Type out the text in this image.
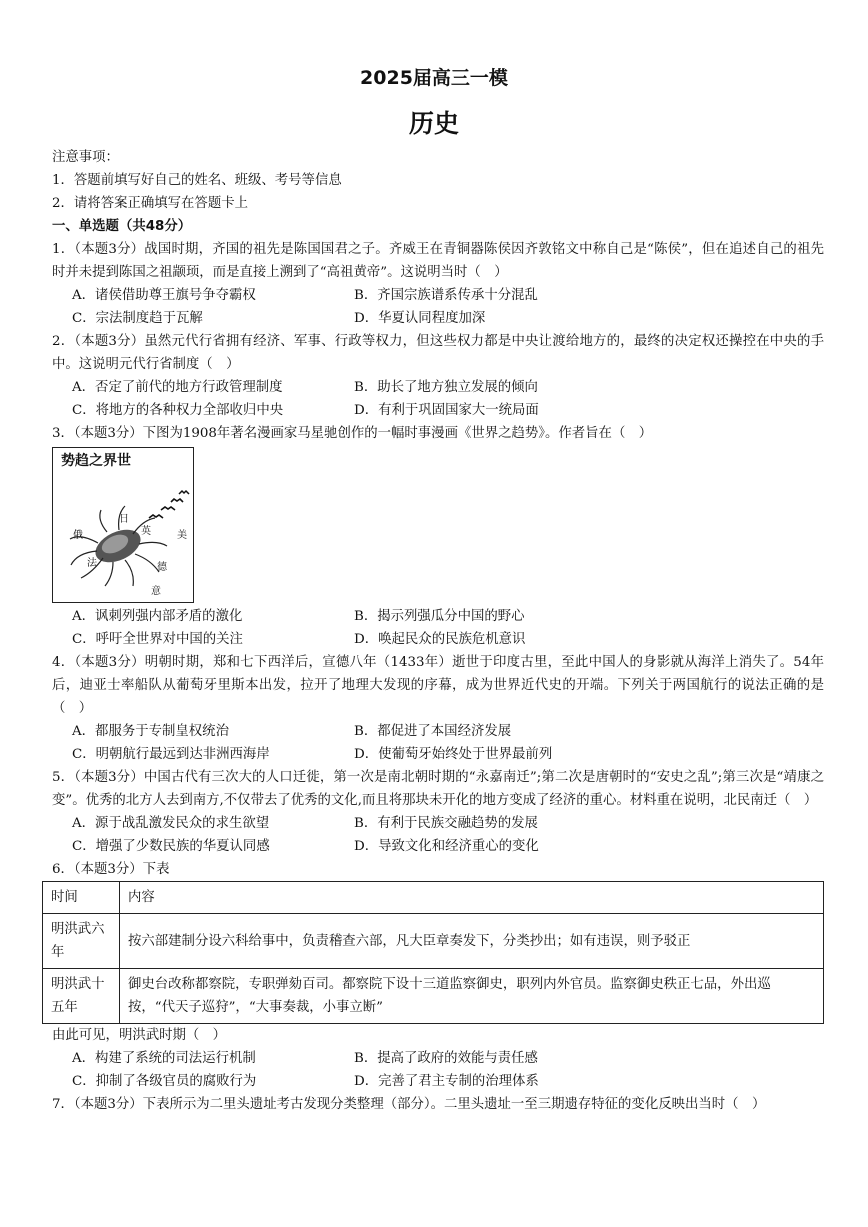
2025届高三一模
历史

注意事项：

1．答题前填写好自己的姓名、班级、考号等信息

2．请将答案正确填写在答题卡上

一、单选题（共48分）

1．（本题3分）战国时期，齐国的祖先是陈国国君之子。齐威王在青铜器陈侯因齐敦铭文中称自己是“陈侯”，但在追述自己的祖先时并未提到陈国之祖颛顼，而是直接上溯到了“高祖黄帝”。这说明当时（　）

A．诸侯借助尊王旗号争夺霸权	B．齐国宗族谱系传承十分混乱
C．宗法制度趋于瓦解	D．华夏认同程度加深

2．（本题3分）虽然元代行省拥有经济、军事、行政等权力，但这些权力都是中央让渡给地方的，最终的决定权还操控在中央的手中。这说明元代行省制度（　）

A．否定了前代的地方行政管理制度	B．助长了地方独立发展的倾向
C．将地方的各种权力全部收归中央	D．有利于巩固国家大一统局面

3．（本题3分）下图为1908年著名漫画家马星驰创作的一幅时事漫画《世界之趋势》。作者旨在（　）

势趋之界世
俄
法
英	美
日
德
意
A．讽刺列强内部矛盾的激化	B．揭示列强瓜分中国的野心
C．呼吁全世界对中国的关注	D．唤起民众的民族危机意识

4．（本题3分）明朝时期，郑和七下西洋后，宣德八年（1433年）逝世于印度古里，至此中国人的身影就从海洋上消失了。54年后，迪亚士率船队从葡萄牙里斯本出发，拉开了地理大发现的序幕，成为世界近代史的开端。下列关于两国航行的说法正确的是（　）

A．都服务于专制皇权统治	B．都促进了本国经济发展
C．明朝航行最远到达非洲西海岸	D．使葡萄牙始终处于世界最前列

5．（本题3分）中国古代有三次大的人口迁徙，第一次是南北朝时期的“永嘉南迁”;第二次是唐朝时的“安史之乱”;第三次是“靖康之变”。优秀的北方人去到南方,不仅带去了优秀的文化,而且将那块未开化的地方变成了经济的重心。材料重在说明，北民南迁（　）

A．源于战乱激发民众的求生欲望	B．有利于民族交融趋势的发展
C．增强了少数民族的华夏认同感	D．导致文化和经济重心的变化

6．（本题3分）下表

时间	内容
明洪武六年	按六部建制分设六科给事中，负责稽查六部，凡大臣章奏发下，分类抄出；如有违误，则予驳正
明洪武十五年	御史台改称都察院，专职弹劾百司。都察院下设十三道监察御史，职列内外官员。监察御史秩正七品，外出巡按，“代天子巡狩”，“大事奏裁，小事立断”

由此可见，明洪武时期（　）

A．构建了系统的司法运行机制	B．提高了政府的效能与责任感
C．抑制了各级官员的腐败行为	D．完善了君主专制的治理体系

7．（本题3分）下表所示为二里头遗址考古发现分类整理（部分）。二里头遗址一至三期遗存特征的变化反映出当时（　）
